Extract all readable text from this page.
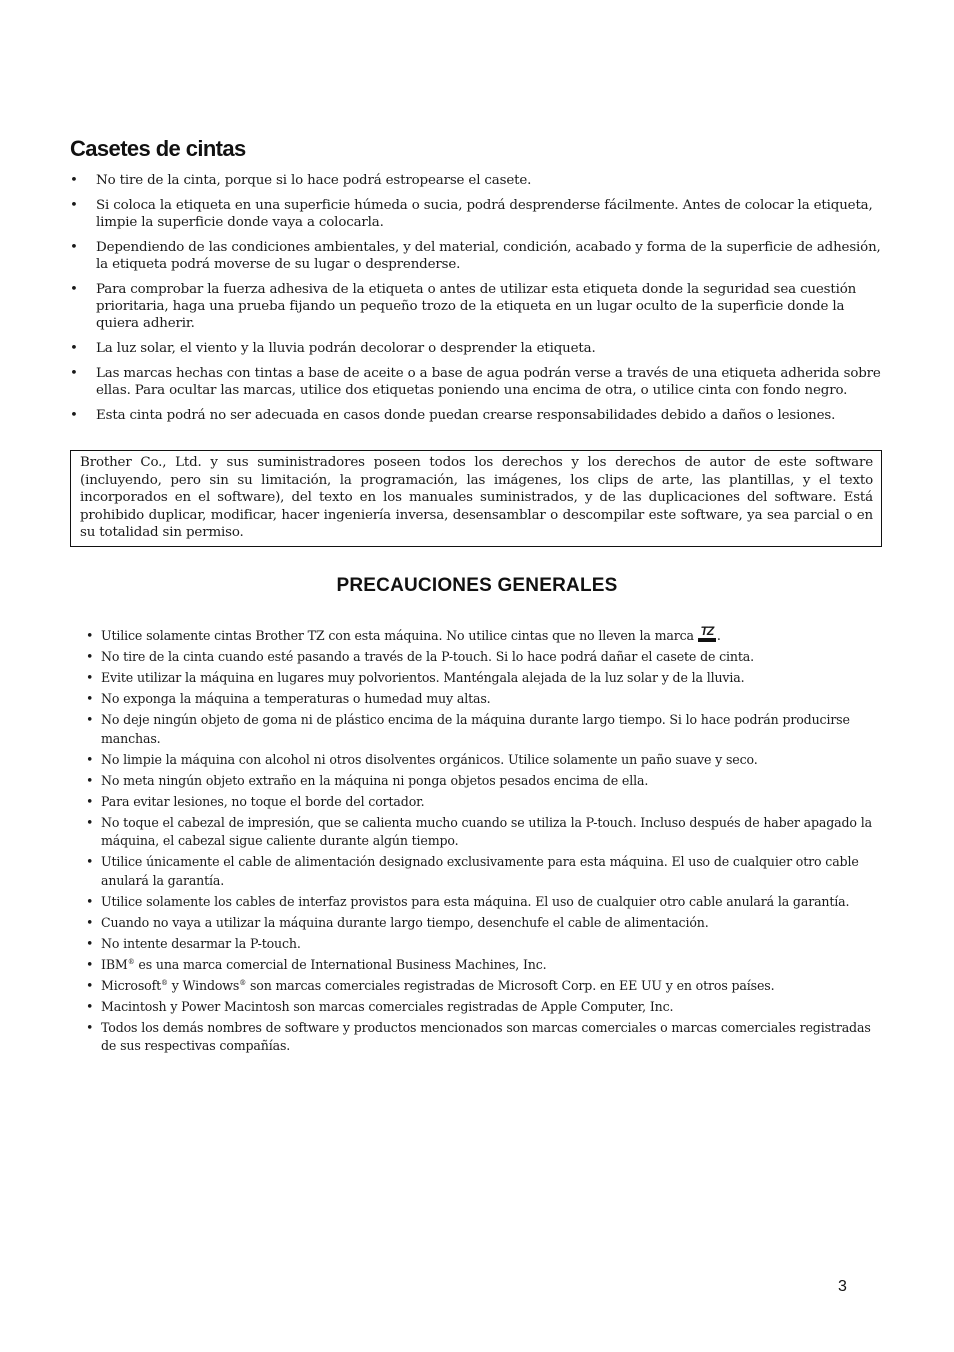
Casetes de cintas
• No tire de la cinta, porque si lo hace podrá estropearse el casete.
• Si coloca la etiqueta en una superficie húmeda o sucia, podrá desprenderse fácilmente. Antes de colocar la etiqueta, limpie la superficie donde vaya a colocarla.
• Dependiendo de las condiciones ambientales, y del material, condición, acabado y forma de la superficie de adhesión, la etiqueta podrá moverse de su lugar o desprenderse.
• Para comprobar la fuerza adhesiva de la etiqueta o antes de utilizar esta etiqueta donde la seguridad sea cuestión prioritaria, haga una prueba fijando un pequeño trozo de la etiqueta en un lugar oculto de la superficie donde la quiera adherir.
• La luz solar, el viento y la lluvia podrán decolorar o desprender la etiqueta.
• Las marcas hechas con tintas a base de aceite o a base de agua podrán verse a través de una etiqueta adherida sobre ellas. Para ocultar las marcas, utilice dos etiquetas poniendo una encima de otra, o utilice cinta con fondo negro.
• Esta cinta podrá no ser adecuada en casos donde puedan crearse responsabilidades debido a daños o lesiones.
Brother Co., Ltd. y sus suministradores poseen todos los derechos y los derechos de autor de este software (incluyendo, pero sin su limitación, la programación, las imágenes, los clips de arte, las plantillas, y el texto incorporados en el software), del texto en los manuales suministrados, y de las duplicaciones del software. Está prohibido duplicar, modificar, hacer ingeniería inversa, desensamblar o descompilar este software, ya sea parcial o en su totalidad sin permiso.
PRECAUCIONES GENERALES
• Utilice solamente cintas Brother TZ con esta máquina. No utilice cintas que no lleven la marca TZ .
• No tire de la cinta cuando esté pasando a través de la P-touch. Si lo hace podrá dañar el casete de cinta.
• Evite utilizar la máquina en lugares muy polvorientos. Manténgala alejada de la luz solar y de la lluvia.
• No exponga la máquina a temperaturas o humedad muy altas.
• No deje ningún objeto de goma ni de plástico encima de la máquina durante largo tiempo. Si lo hace podrán producirse manchas.
• No limpie la máquina con alcohol ni otros disolventes orgánicos. Utilice solamente un paño suave y seco.
• No meta ningún objeto extraño en la máquina ni ponga objetos pesados encima de ella.
• Para evitar lesiones, no toque el borde del cortador.
• No toque el cabezal de impresión, que se calienta mucho cuando se utiliza la P-touch. Incluso después de haber apagado la máquina, el cabezal sigue caliente durante algún tiempo.
• Utilice únicamente el cable de alimentación designado exclusivamente para esta máquina. El uso de cualquier otro cable anulará la garantía.
• Utilice solamente los cables de interfaz provistos para esta máquina. El uso de cualquier otro cable anulará la garantía.
• Cuando no vaya a utilizar la máquina durante largo tiempo, desenchufe el cable de alimentación.
• No intente desarmar la P-touch.
• IBM® es una marca comercial de International Business Machines, Inc.
• Microsoft® y Windows® son marcas comerciales registradas de Microsoft Corp. en EE UU y en otros países.
• Macintosh y Power Macintosh son marcas comerciales registradas de Apple Computer, Inc.
• Todos los demás nombres de software y productos mencionados son marcas comerciales o marcas comerciales registradas de sus respectivas compañías.
3
